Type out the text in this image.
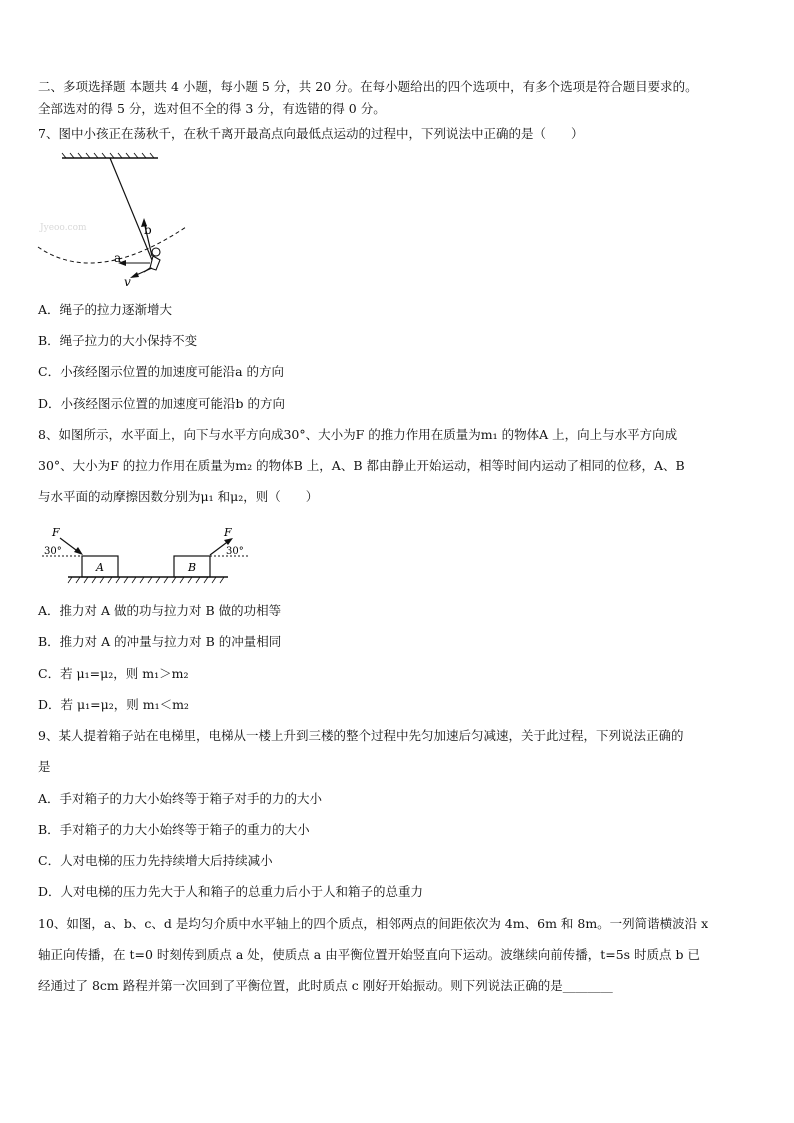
二、多项选择题 本题共 4 小题，每小题 5 分，共 20 分。在每小题给出的四个选项中，有多个选项是符合题目要求的。
全部选对的得 5 分，选对但不全的得 3 分，有选错的得 0 分。
7、图中小孩正在荡秋千，在秋千离开最高点向最低点运动的过程中，下列说法中正确的是（　　）
a
b
v
Jyeoo.com
A．绳子的拉力逐渐增大
B．绳子拉力的大小保持不变
C．小孩经图示位置的加速度可能沿a 的方向
D．小孩经图示位置的加速度可能沿b 的方向
8、如图所示，水平面上，向下与水平方向成30°、大小为F 的推力作用在质量为m₁ 的物体A 上，向上与水平方向成
30°、大小为F 的拉力作用在质量为m₂ 的物体B 上，A、B 都由静止开始运动，相等时间内运动了相同的位移，A、B
与水平面的动摩擦因数分别为μ₁ 和μ₂，则（　　）
A	B
F
30°
F
30°
A．推力对 A 做的功与拉力对 B 做的功相等
B．推力对 A 的冲量与拉力对 B 的冲量相同
C．若 μ₁=μ₂，则 m₁＞m₂
D．若 μ₁=μ₂，则 m₁＜m₂
9、某人提着箱子站在电梯里，电梯从一楼上升到三楼的整个过程中先匀加速后匀减速，关于此过程，下列说法正确的
是
A．手对箱子的力大小始终等于箱子对手的力的大小
B．手对箱子的力大小始终等于箱子的重力的大小
C．人对电梯的压力先持续增大后持续减小
D．人对电梯的压力先大于人和箱子的总重力后小于人和箱子的总重力
10、如图，a、b、c、d 是均匀介质中水平轴上的四个质点，相邻两点的间距依次为 4m、6m 和 8m。一列简谐横波沿 x
轴正向传播，在 t=0 时刻传到质点 a 处，使质点 a 由平衡位置开始竖直向下运动。波继续向前传播，t=5s 时质点 b 已
经通过了 8cm 路程并第一次回到了平衡位置，此时质点 c 刚好开始振动。则下列说法正确的是________
